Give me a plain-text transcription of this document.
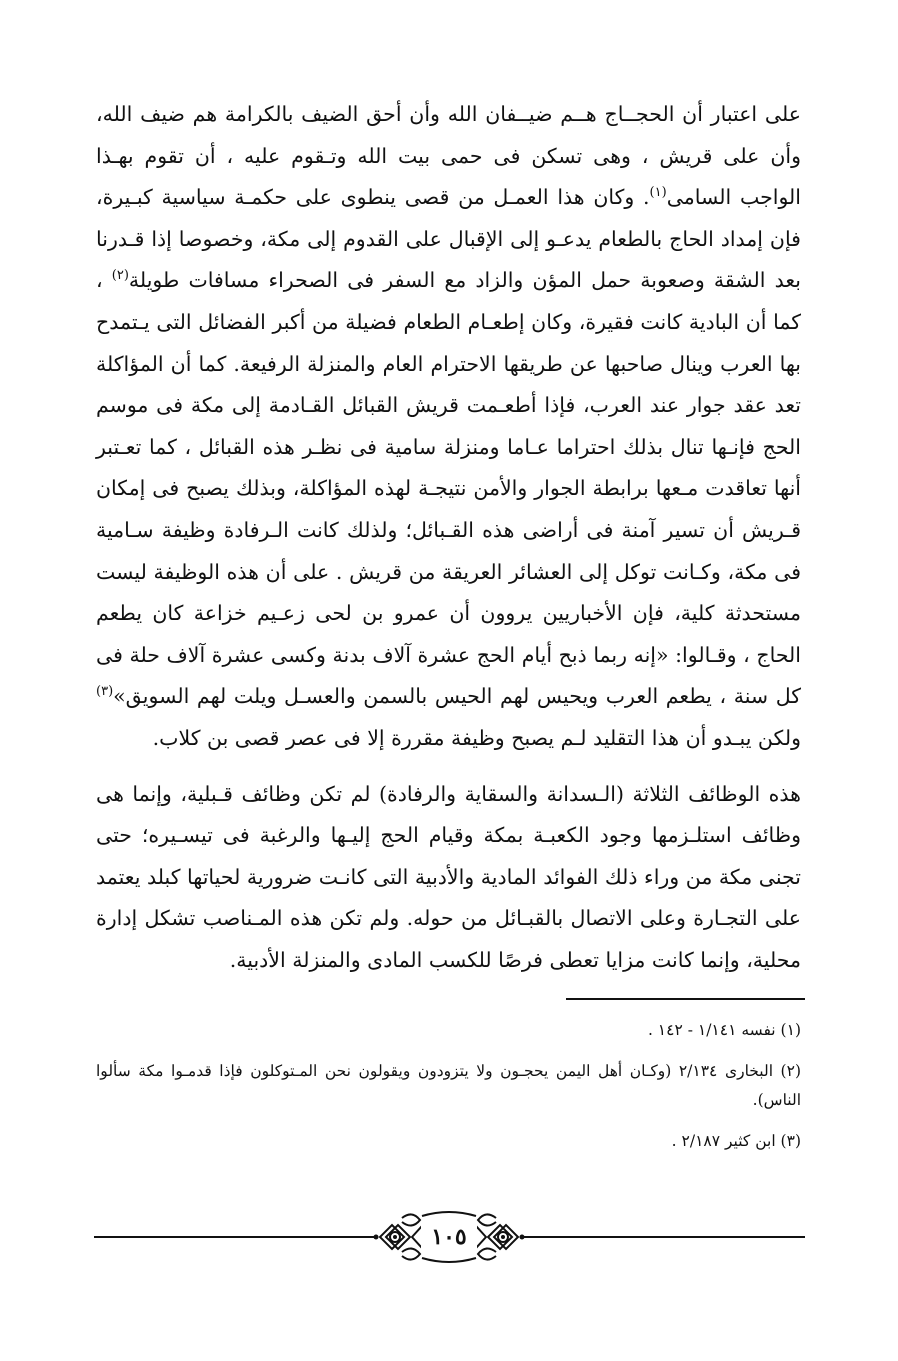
على اعتبار أن الحجــاج هــم ضيــفان الله وأن أحق الضيف بالكرامة هم ضيف الله، وأن على قريش ، وهى تسكن فى حمى بيت الله وتـقوم عليه ، أن تقوم بهـذا الواجب السامى$^{(١)}$. وكان هذا العمـل من قصى ينطوى على حكمـة سياسية كبـيرة، فإن إمداد الحاج بالطعام يدعـو إلى الإقبال على القدوم إلى مكة، وخصوصا إذا قـدرنا بعد الشقة وصعوبة حمل المؤن والزاد مع السفر فى الصحراء مسافات طويلة$^{(٢)}$ ، كما أن البادية كانت فقيرة، وكان إطعـام الطعام فضيلة من أكبر الفضائل التى يـتمدح بها العرب وينال صاحبها عن طريقها الاحترام العام والمنزلة الرفيعة. كما أن المؤاكلة تعد عقد جوار عند العرب، فإذا أطعـمت قريش القبائل القـادمة إلى مكة فى موسم الحج فإنـها تنال بذلك احتراما عـاما ومنزلة سامية فى نظـر هذه القبائل ، كما تعـتبر أنها تعاقدت مـعها برابطة الجوار والأمن نتيجـة لهذه المؤاكلة، وبذلك يصبح فى إمكان قـريش أن تسير آمنة فى أراضى هذه القـبائل؛ ولذلك كانت الـرفادة وظيفة سـامية فى مكة، وكـانت توكل إلى العشائر العريقة من قريش . على أن هذه الوظيفة ليست مستحدثة كلية، فإن الأخباريين يروون أن عمرو بن لحى زعـيم خزاعة كان يطعم الحاج ، وقـالوا: «إنه ربما ذبح أيام الحج عشرة آلاف بدنة وكسى عشرة آلاف حلة فى كل سنة ، يطعم العرب ويحيس لهم الحيس بالسمن والعسـل ويلت لهم السويق»$^{(٣)}$ ولكن يبـدو أن هذا التقليد لـم يصبح وظيفة مقررة إلا فى عصر قصى بن كلاب.

هذه الوظائف الثلاثة (الـسدانة والسقاية والرفادة) لم تكن وظائف قـبلية، وإنما هى وظائف استلـزمها وجود الكعبـة بمكة وقيام الحج إليـها والرغبة فى تيسـيره؛ حتى تجنى مكة من وراء ذلك الفوائد المادية والأدبية التى كانـت ضرورية لحياتها كبلد يعتمد على التجـارة وعلى الاتصال بالقبـائل من حوله. ولم تكن هذه المـناصب تشكل إدارة محلية، وإنما كانت مزايا تعطى فرصًا للكسب المادى والمنزلة الأدبية.

(١) نفسه ١/١٤١ - ١٤٢ .

(٢) البخارى ٢/١٣٤ (وكـان أهل اليمن يحجـون ولا يتزودون ويقولون نحن المـتوكلون فإذا قدمـوا مكة سألوا الناس).

(٣) ابن كثير ٢/١٨٧ .

١٠٥
